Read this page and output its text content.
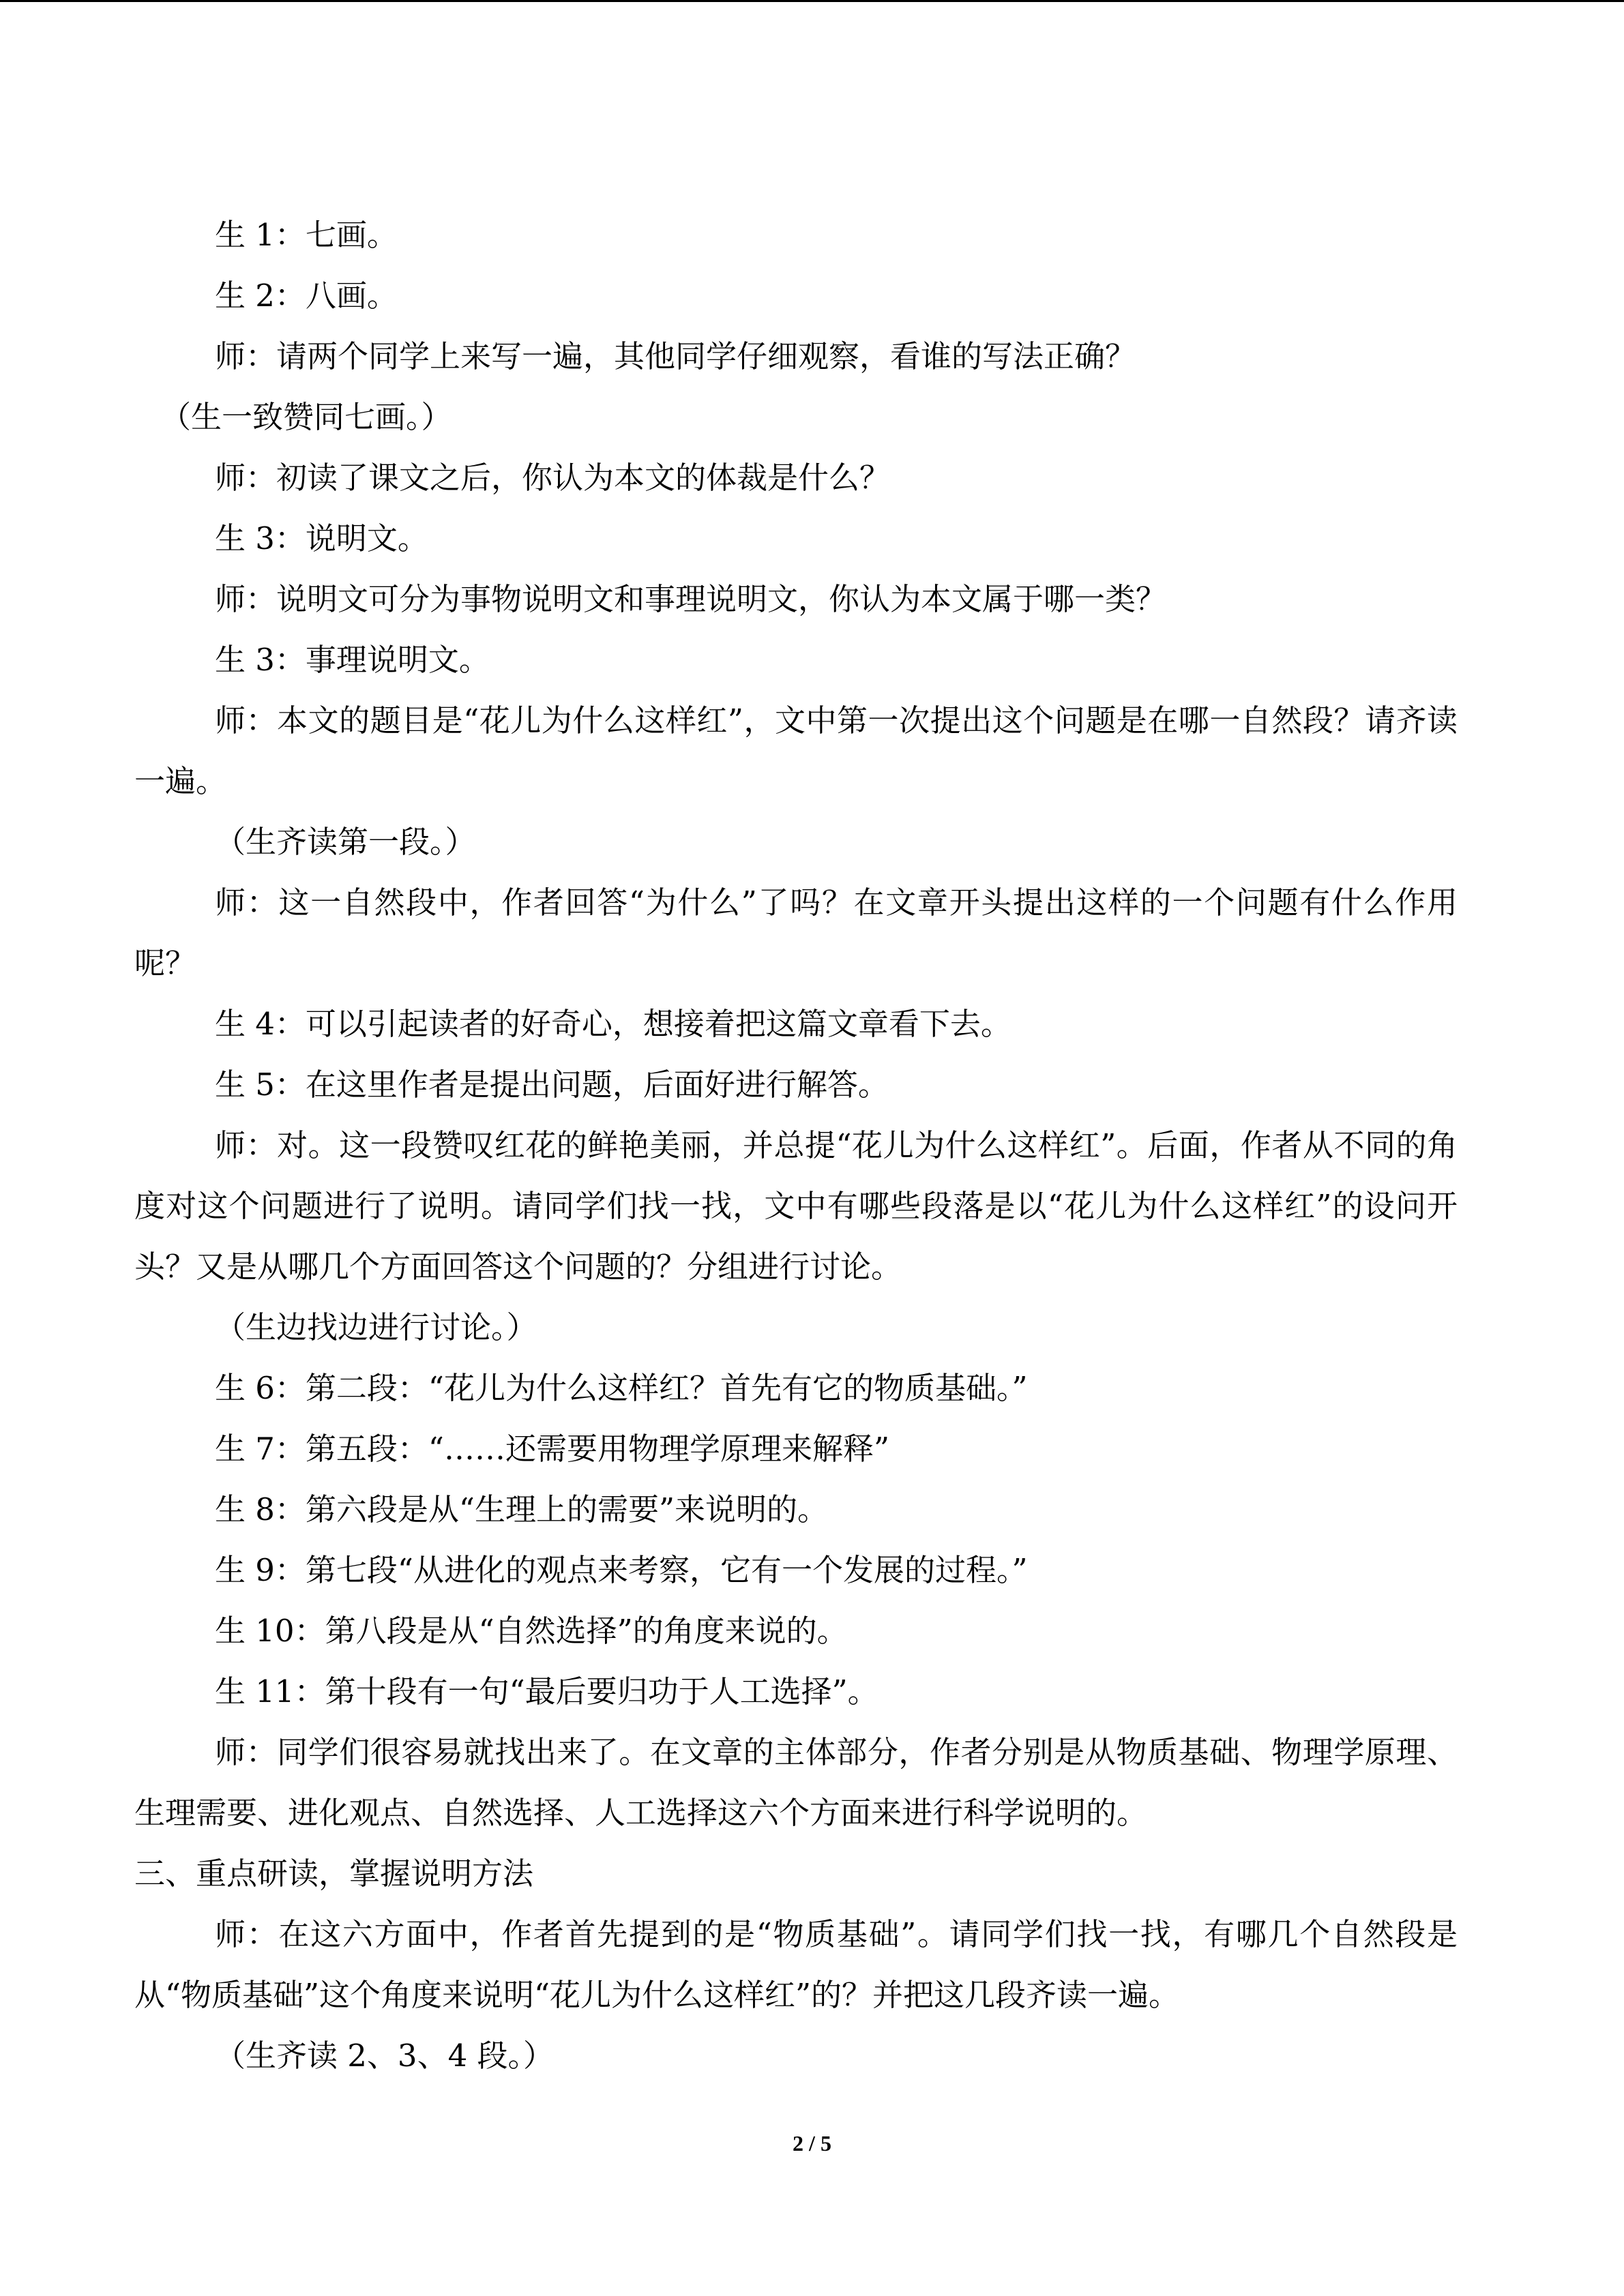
生 1：七画。

生 2：八画。

师：请两个同学上来写一遍，其他同学仔细观察，看谁的写法正确？

（生一致赞同七画。）

师：初读了课文之后，你认为本文的体裁是什么？

生 3：说明文。

师：说明文可分为事物说明文和事理说明文，你认为本文属于哪一类？

生 3：事理说明文。

师：本文的题目是“花儿为什么这样红”，文中第一次提出这个问题是在哪一自然段？请齐读一遍。

（生齐读第一段。）

师：这一自然段中，作者回答“为什么”了吗？在文章开头提出这样的一个问题有什么作用呢？

生 4：可以引起读者的好奇心，想接着把这篇文章看下去。

生 5：在这里作者是提出问题，后面好进行解答。

师：对。这一段赞叹红花的鲜艳美丽，并总提“花儿为什么这样红”。后面，作者从不同的角度对这个问题进行了说明。请同学们找一找，文中有哪些段落是以“花儿为什么这样红”的设问开头？又是从哪几个方面回答这个问题的？分组进行讨论。

（生边找边进行讨论。）

生 6：第二段：“花儿为什么这样红？首先有它的物质基础。”

生 7：第五段：“……还需要用物理学原理来解释”

生 8：第六段是从“生理上的需要”来说明的。

生 9：第七段“从进化的观点来考察，它有一个发展的过程。”

生 10：第八段是从“自然选择”的角度来说的。

生 11：第十段有一句“最后要归功于人工选择”。

师：同学们很容易就找出来了。在文章的主体部分，作者分别是从物质基础、物理学原理、生理需要、进化观点、自然选择、人工选择这六个方面来进行科学说明的。

三、重点研读，掌握说明方法

师：在这六方面中，作者首先提到的是“物质基础”。请同学们找一找，有哪几个自然段是从“物质基础”这个角度来说明“花儿为什么这样红”的？并把这几段齐读一遍。

（生齐读 2、3、4 段。）

2 / 5
